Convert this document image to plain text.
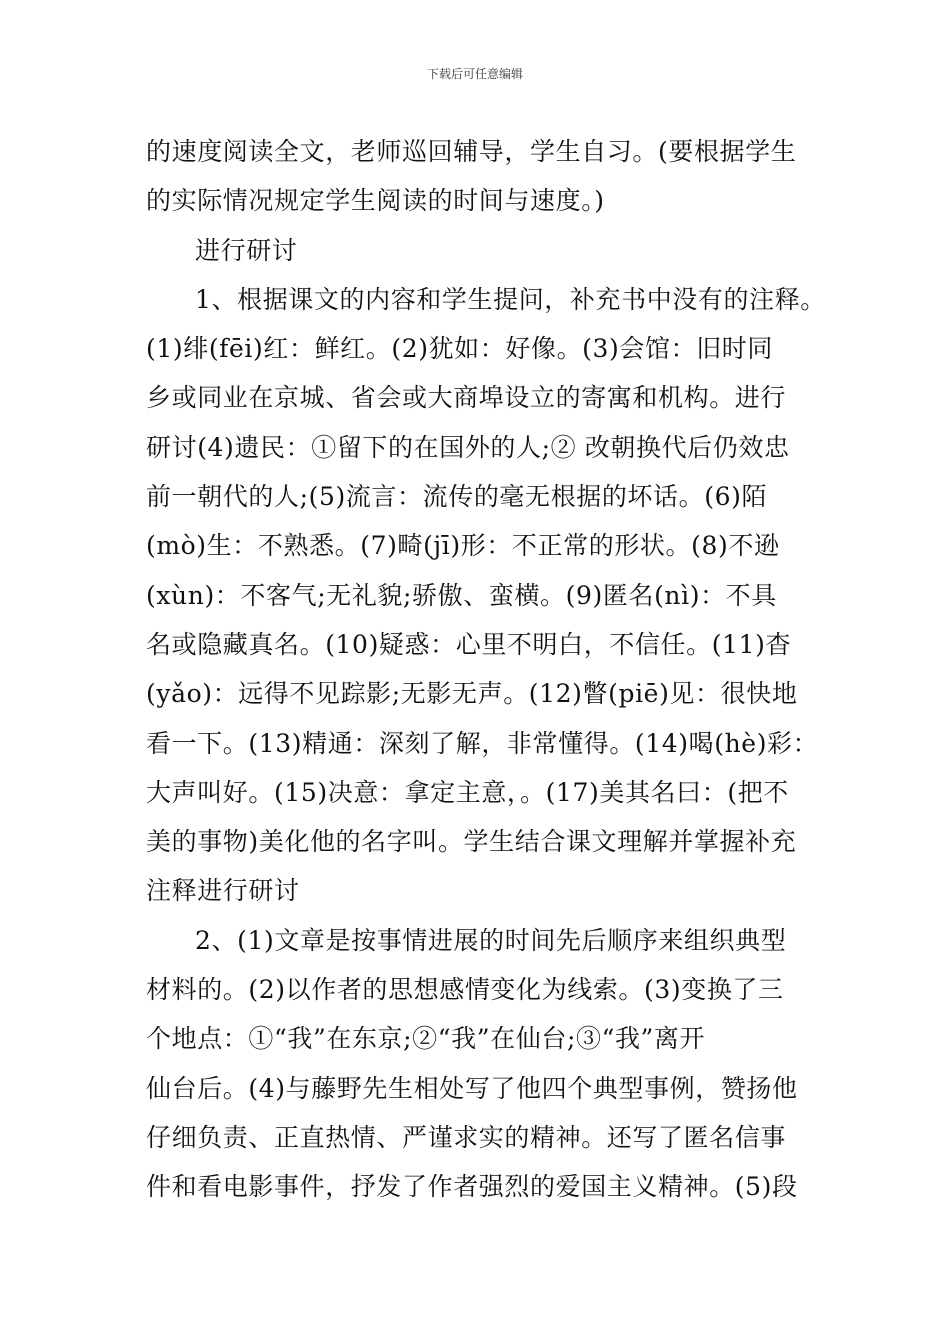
下载后可任意编辑
的速度阅读全文，老师巡回辅导，学生自习。(要根据学生
的实际情况规定学生阅读的时间与速度。)
进行研讨
1、根据课文的内容和学生提问，补充书中没有的注释。
(1)绯(fēi)红：鲜红。(2)犹如：好像。(3)会馆：旧时同
乡或同业在京城、省会或大商埠设立的寄寓和机构。进行
研讨(4)遗民：①留下的在国外的人;② 改朝换代后仍效忠
前一朝代的人;(5)流言：流传的毫无根据的坏话。(6)陌
(mò)生：不熟悉。(7)畸(jī)形：不正常的形状。(8)不逊
(xùn)：不客气;无礼貌;骄傲、蛮横。(9)匿名(nì)：不具
名或隐藏真名。(10)疑惑：心里不明白，不信任。(11)杳
(yǎo)：远得不见踪影;无影无声。(12)瞥(piē)见：很快地
看一下。(13)精通：深刻了解，非常懂得。(14)喝(hè)彩：
大声叫好。(15)决意：拿定主意，。(17)美其名曰：(把不
美的事物)美化他的名字叫。学生结合课文理解并掌握补充
注释进行研讨
2、(1)文章是按事情进展的时间先后顺序来组织典型
材料的。(2)以作者的思想感情变化为线索。(3)变换了三
个地点：①“我”在东京;②“我”在仙台;③“我”离开
仙台后。(4)与藤野先生相处写了他四个典型事例，赞扬他
仔细负责、正直热情、严谨求实的精神。还写了匿名信事
件和看电影事件，抒发了作者强烈的爱国主义精神。(5)段
